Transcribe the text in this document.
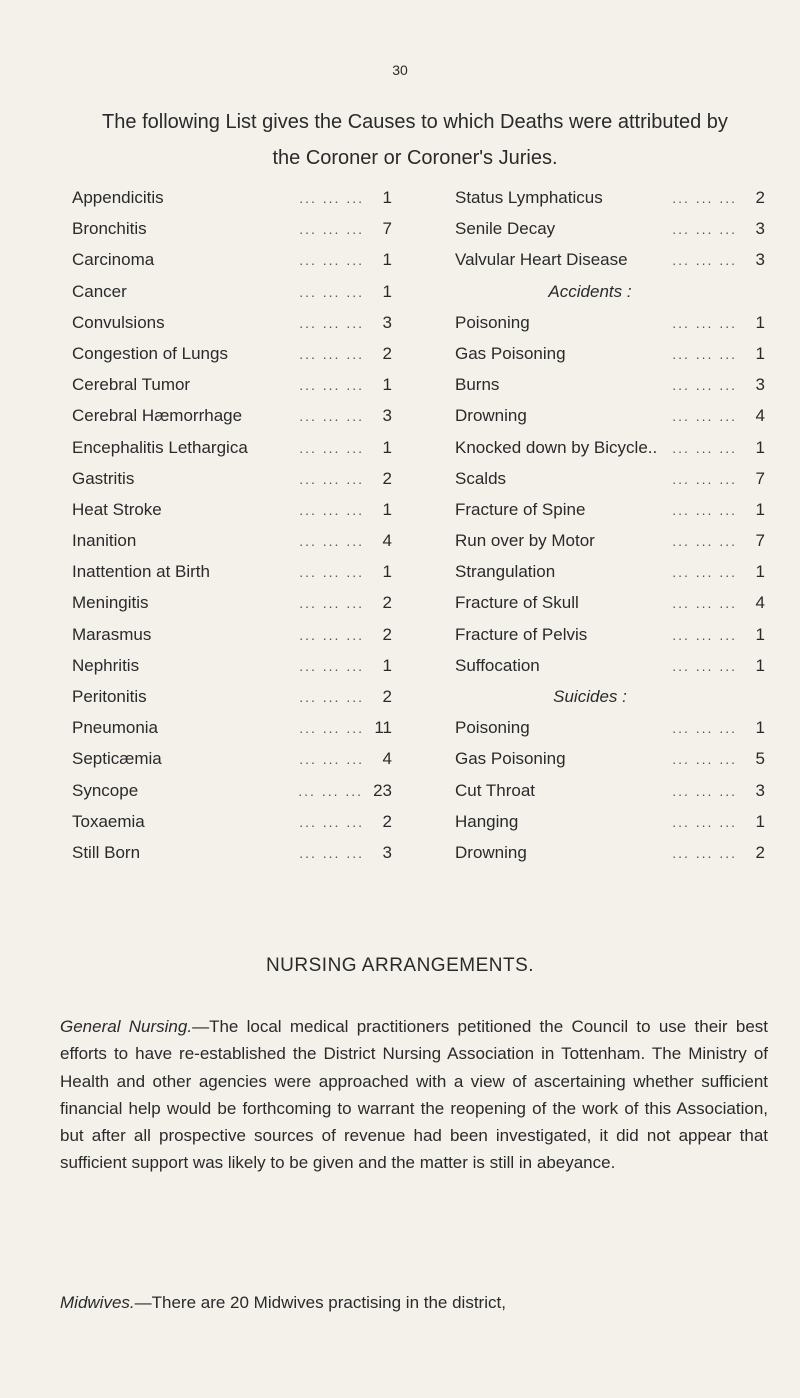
30
The following List gives the Causes to which Deaths were attributed by the Coroner or Coroner's Juries.
Appendicitis	... ... ...	1
Bronchitis	... ... ...	7
Carcinoma	... ... ...	1
Cancer	... ... ...	1
Convulsions	... ... ...	3
Congestion of Lungs	... ... ...	2
Cerebral Tumor	... ... ...	1
Cerebral Hæmorrhage	... ... ...	3
Encephalitis Lethargica	... ... ...	1
Gastritis	... ... ...	2
Heat Stroke	... ... ...	1
Inanition	... ... ...	4
Inattention at Birth	... ... ...	1
Meningitis	... ... ...	2
Marasmus	... ... ...	2
Nephritis	... ... ...	1
Peritonitis	... ... ...	2
Pneumonia	... ... ... 11
Septicæmia	... ... ...	4
Syncope	... ... ... 23
Toxaemia	... ... ...	2
Still Born	... ... ...	3
Status Lymphaticus	... ... ...	2
Senile Decay	... ... ...	3
Valvular Heart Disease	... ... ...	3
Accidents :
Poisoning	... ... ...	1
Gas Poisoning	... ... ...	1
Burns	... ... ...	3
Drowning	... ... ...	4
Knocked down by Bicycle..	... ... ...	1
Scalds	... ... ...	7
Fracture of Spine	... ... ...	1
Run over by Motor	... ... ...	7
Strangulation	... ... ...	1
Fracture of Skull	... ... ...	4
Fracture of Pelvis	... ... ...	1
Suffocation	... ... ...	1
Suicides :
Poisoning	... ... ...	1
Gas Poisoning	... ... ...	5
Cut Throat	... ... ...	3
Hanging	... ... ...	1
Drowning	... ... ...	2
NURSING ARRANGEMENTS.

General Nursing.—The local medical practitioners petitioned the Council to use their best efforts to have re-established the District Nursing Association in Tottenham. The Ministry of Health and other agencies were approached with a view of ascertaining whether sufficient financial help would be forthcoming to warrant the reopening of the work of this Association, but after all prospective sources of revenue had been investigated, it did not appear that sufficient support was likely to be given and the matter is still in abeyance.

Midwives.—There are 20 Midwives practising in the district,
